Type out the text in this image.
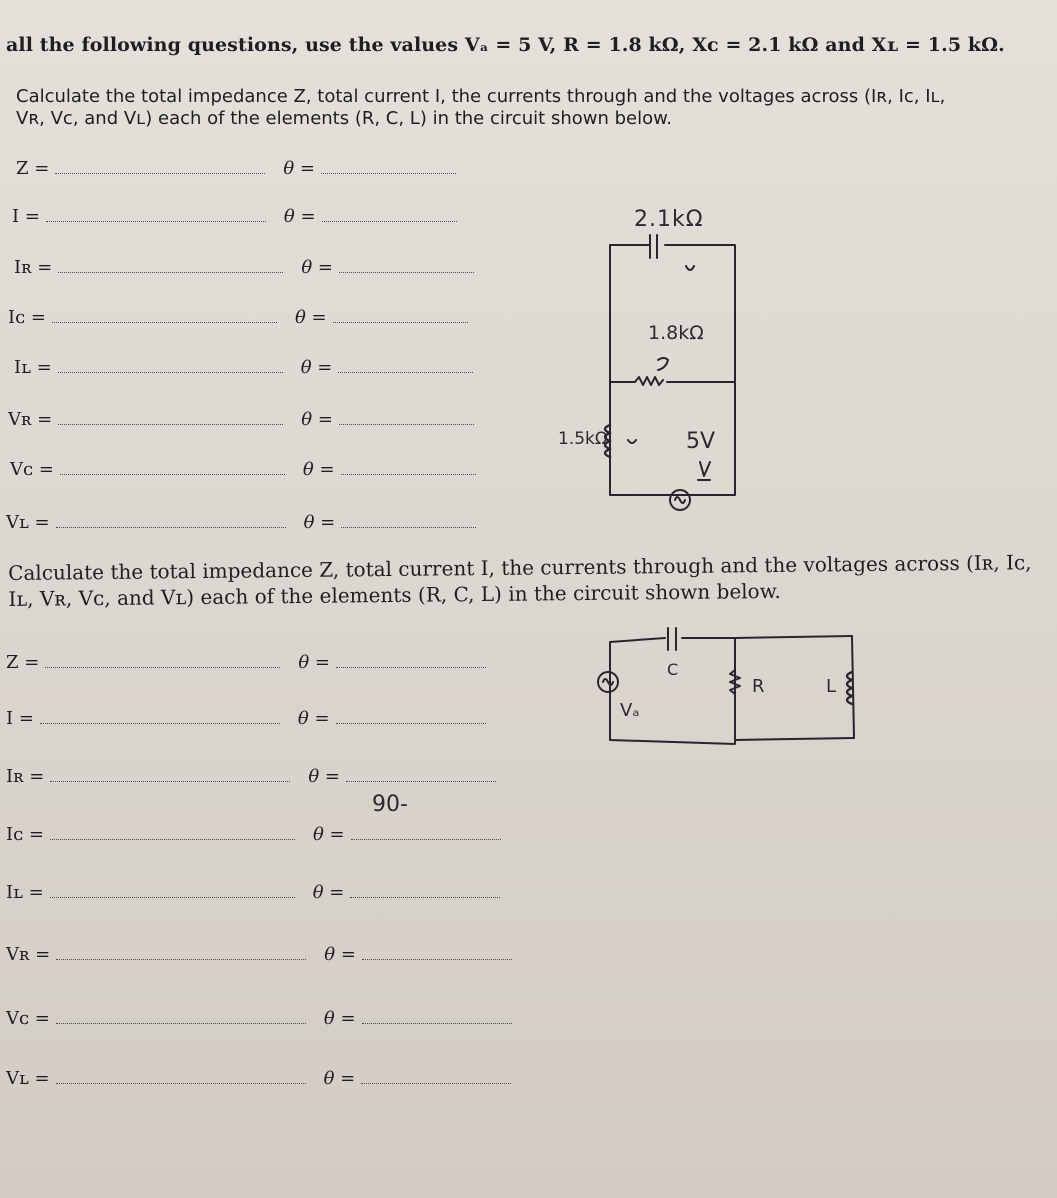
all the following questions, use the values Vₐ = 5 V, R = 1.8 kΩ, Xᴄ = 2.1 kΩ and Xʟ = 1.5 kΩ.
Calculate the total impedance Z, total current I, the currents through and the voltages across (Iʀ, Iᴄ, Iʟ, Vʀ, Vᴄ, and Vʟ) each of the elements (R, C, L) in the circuit shown below.
Z =	θ =
I =	θ =
Iʀ =	θ =
Iᴄ =	θ =
Iʟ =	θ =
Vʀ =	θ =
Vᴄ =	θ =
Vʟ =	θ =
2.1kΩ
1.8kΩ
1.5kΩ	5V
Calculate the total impedance Z, total current I, the currents through and the voltages across (Iʀ, Iᴄ, Iʟ, Vʀ, Vᴄ, and Vʟ) each of the elements (R, C, L) in the circuit shown below.
Z =	θ =
I =	θ =
Iʀ =	θ =
Iᴄ =	θ =
Iʟ =	θ =
Vʀ =	θ =
Vᴄ =	θ =
Vʟ =	θ =
90-
Vₐ
C
R	L
